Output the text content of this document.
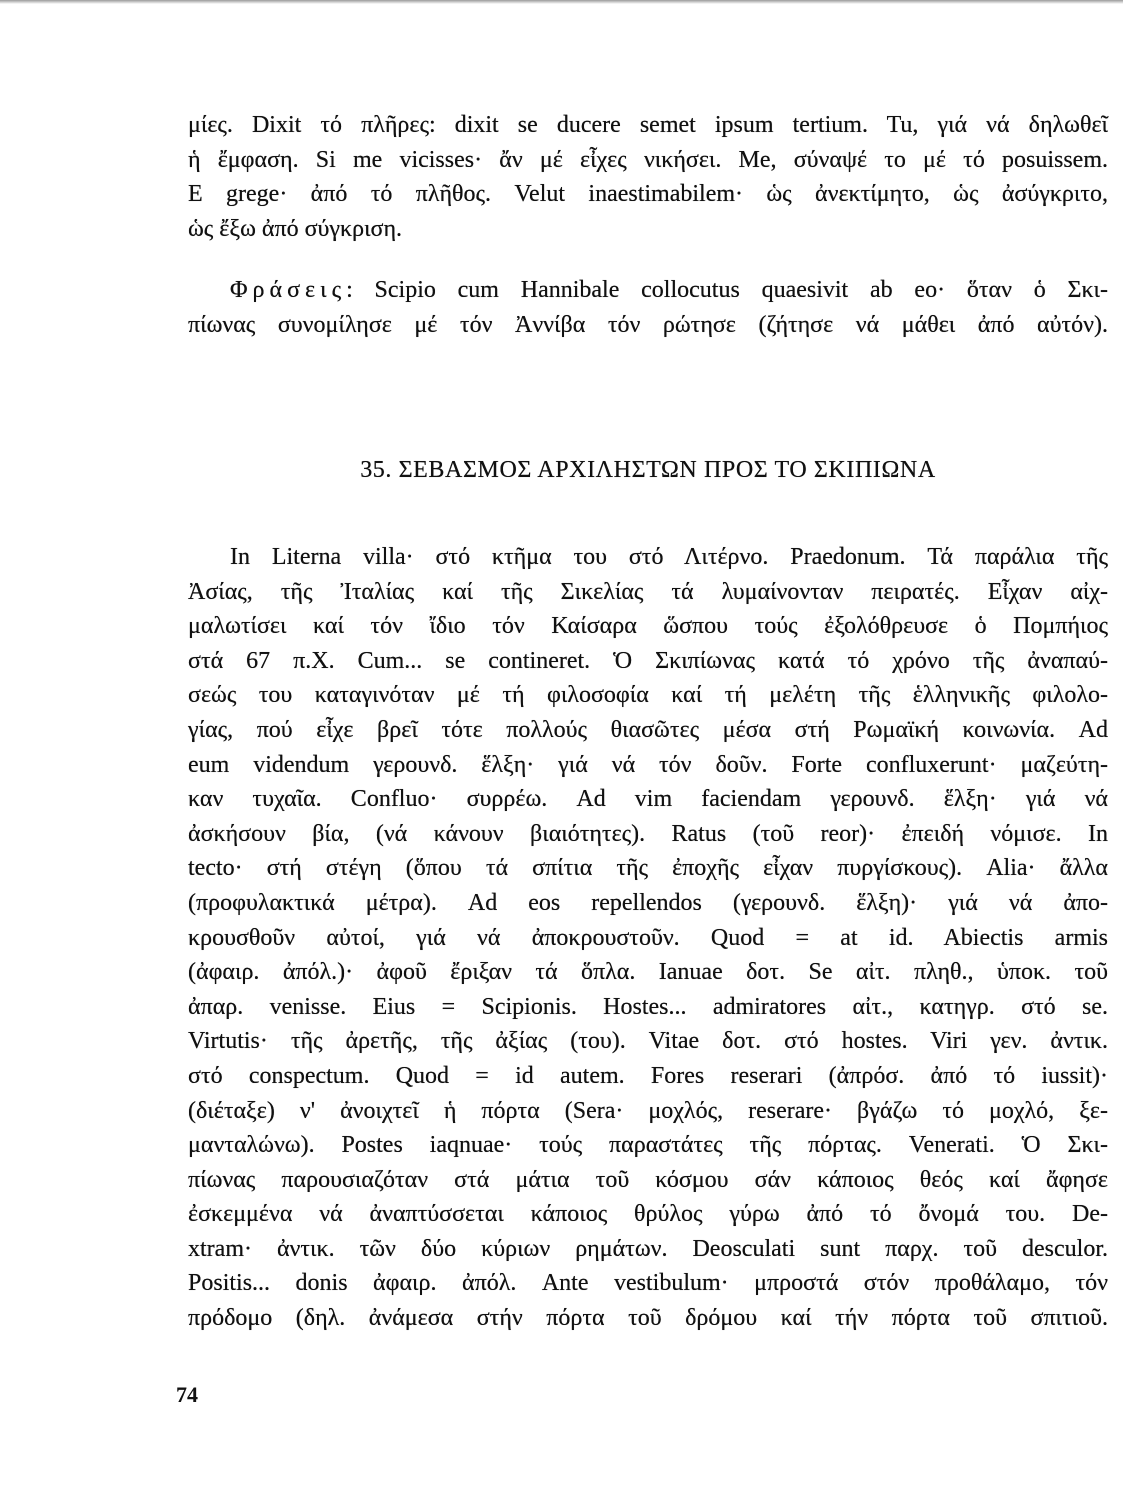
μίες. Dixit τό πλῆρες: dixit se ducere semet ipsum tertium. Tu, γιά νά δηλωθεῖ
ἡ ἔμφαση. Si me vicisses· ἄν μέ εἶχες νικήσει. Me, σύναψέ το μέ τό posuissem.
E grege· ἀπό τό πλῆθος. Velut inaestimabilem· ὡς ἀνεκτίμητο, ὡς ἀσύγκριτο,
ὡς ἔξω ἀπό σύγκριση.
Φράσεις: Scipio cum Hannibale collocutus quaesivit ab eo· ὅταν ὁ Σκι-
πίωνας συνομίλησε μέ τόν Ἀννίβα τόν ρώτησε (ζήτησε νά μάθει ἀπό αὐτόν).
35. ΣΕΒΑΣΜΟΣ ΑΡΧΙΛΗΣΤΩΝ ΠΡΟΣ ΤΟ ΣΚΙΠΙΩΝΑ
In Literna villa· στό κτῆμα του στό Λιτέρνο. Praedonum. Τά παράλια τῆς
Ἀσίας, τῆς Ἰταλίας καί τῆς Σικελίας τά λυμαίνονταν πειρατές. Εἶχαν αἰχ-
μαλωτίσει καί τόν ἴδιο τόν Καίσαρα ὥσπου τούς ἐξολόθρευσε ὁ Πομπήιος
στά 67 π.Χ. Cum... se contineret. Ὁ Σκιπίωνας κατά τό χρόνο τῆς ἀναπαύ-
σεώς του καταγινόταν μέ τή φιλοσοφία καί τή μελέτη τῆς ἑλληνικῆς φιλολο-
γίας, πού εἶχε βρεῖ τότε πολλούς θιασῶτες μέσα στή Ρωμαϊκή κοινωνία. Ad
eum videndum γερουνδ. ἕλξη· γιά νά τόν δοῦν. Forte confluxerunt· μαζεύτη-
καν τυχαῖα. Confluo· συρρέω. Ad vim faciendam γερουνδ. ἕλξη· γιά νά
ἀσκήσουν βία, (νά κάνουν βιαιότητες). Ratus (τοῦ reor)· ἐπειδή νόμισε. In
tecto· στή στέγη (ὅπου τά σπίτια τῆς ἐποχῆς εἶχαν πυργίσκους). Alia· ἄλλα
(προφυλακτικά μέτρα). Ad eos repellendos (γερουνδ. ἕλξη)· γιά νά ἀπο-
κρουσθοῦν αὐτοί, γιά νά ἀποκρουστοῦν. Quod = at id. Abiectis armis
(ἀφαιρ. ἀπόλ.)· ἀφοῦ ἔριξαν τά ὅπλα. Ianuae δοτ. Se αἰτ. πληθ., ὑποκ. τοῦ
ἀπαρ. venisse. Eius = Scipionis. Hostes... admiratores αἰτ., κατηγρ. στό se.
Virtutis· τῆς ἀρετῆς, τῆς ἀξίας (του). Vitae δοτ. στό hostes. Viri γεν. ἀντικ.
στό conspectum. Quod = id autem. Fores reserari (ἀπρόσ. ἀπό τό iussit)·
(διέταξε) ν' ἀνοιχτεῖ ἡ πόρτα (Sera· μοχλός, reserare· βγάζω τό μοχλό, ξε-
μανταλώνω). Postes iaqnuae· τούς παραστάτες τῆς πόρτας. Venerati. Ὁ Σκι-
πίωνας παρουσιαζόταν στά μάτια τοῦ κόσμου σάν κάποιος θεός καί ἄφησε
ἐσκεμμένα νά ἀναπτύσσεται κάποιος θρύλος γύρω ἀπό τό ὄνομά του. De-
xtram· ἀντικ. τῶν δύο κύριων ρημάτων. Deosculati sunt παρχ. τοῦ desculor.
Positis... donis ἀφαιρ. ἀπόλ. Ante vestibulum· μπροστά στόν προθάλαμο, τόν
πρόδομο (δηλ. ἀνάμεσα στήν πόρτα τοῦ δρόμου καί τήν πόρτα τοῦ σπιτιοῦ.
74
